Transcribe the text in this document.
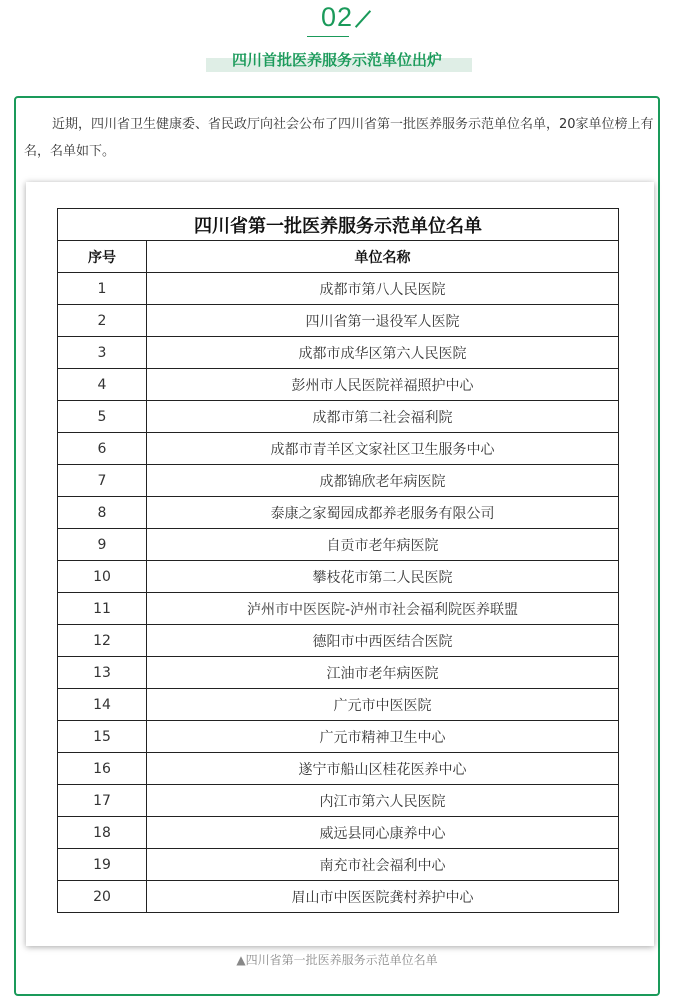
02
四川首批医养服务示范单位出炉
近期，四川省卫生健康委、省民政厅向社会公布了四川省第一批医养服务示范单位名单，20家单位榜上有名，名单如下。
四川省第一批医养服务示范单位名单	
序号	单位名称
1	成都市第八人民医院
2	四川省第一退役军人医院
3	成都市成华区第六人民医院
4	彭州市人民医院祥福照护中心
5	成都市第二社会福利院
6	成都市青羊区文家社区卫生服务中心
7	成都锦欣老年病医院
8	泰康之家蜀园成都养老服务有限公司
9	自贡市老年病医院
10	攀枝花市第二人民医院
11	泸州市中医医院-泸州市社会福利院医养联盟
12	德阳市中西医结合医院
13	江油市老年病医院
14	广元市中医医院
15	广元市精神卫生中心
16	遂宁市船山区桂花医养中心
17	内江市第六人民医院
18	威远县同心康养中心
19	南充市社会福利中心
20	眉山市中医医院龚村养护中心
▲四川省第一批医养服务示范单位名单
